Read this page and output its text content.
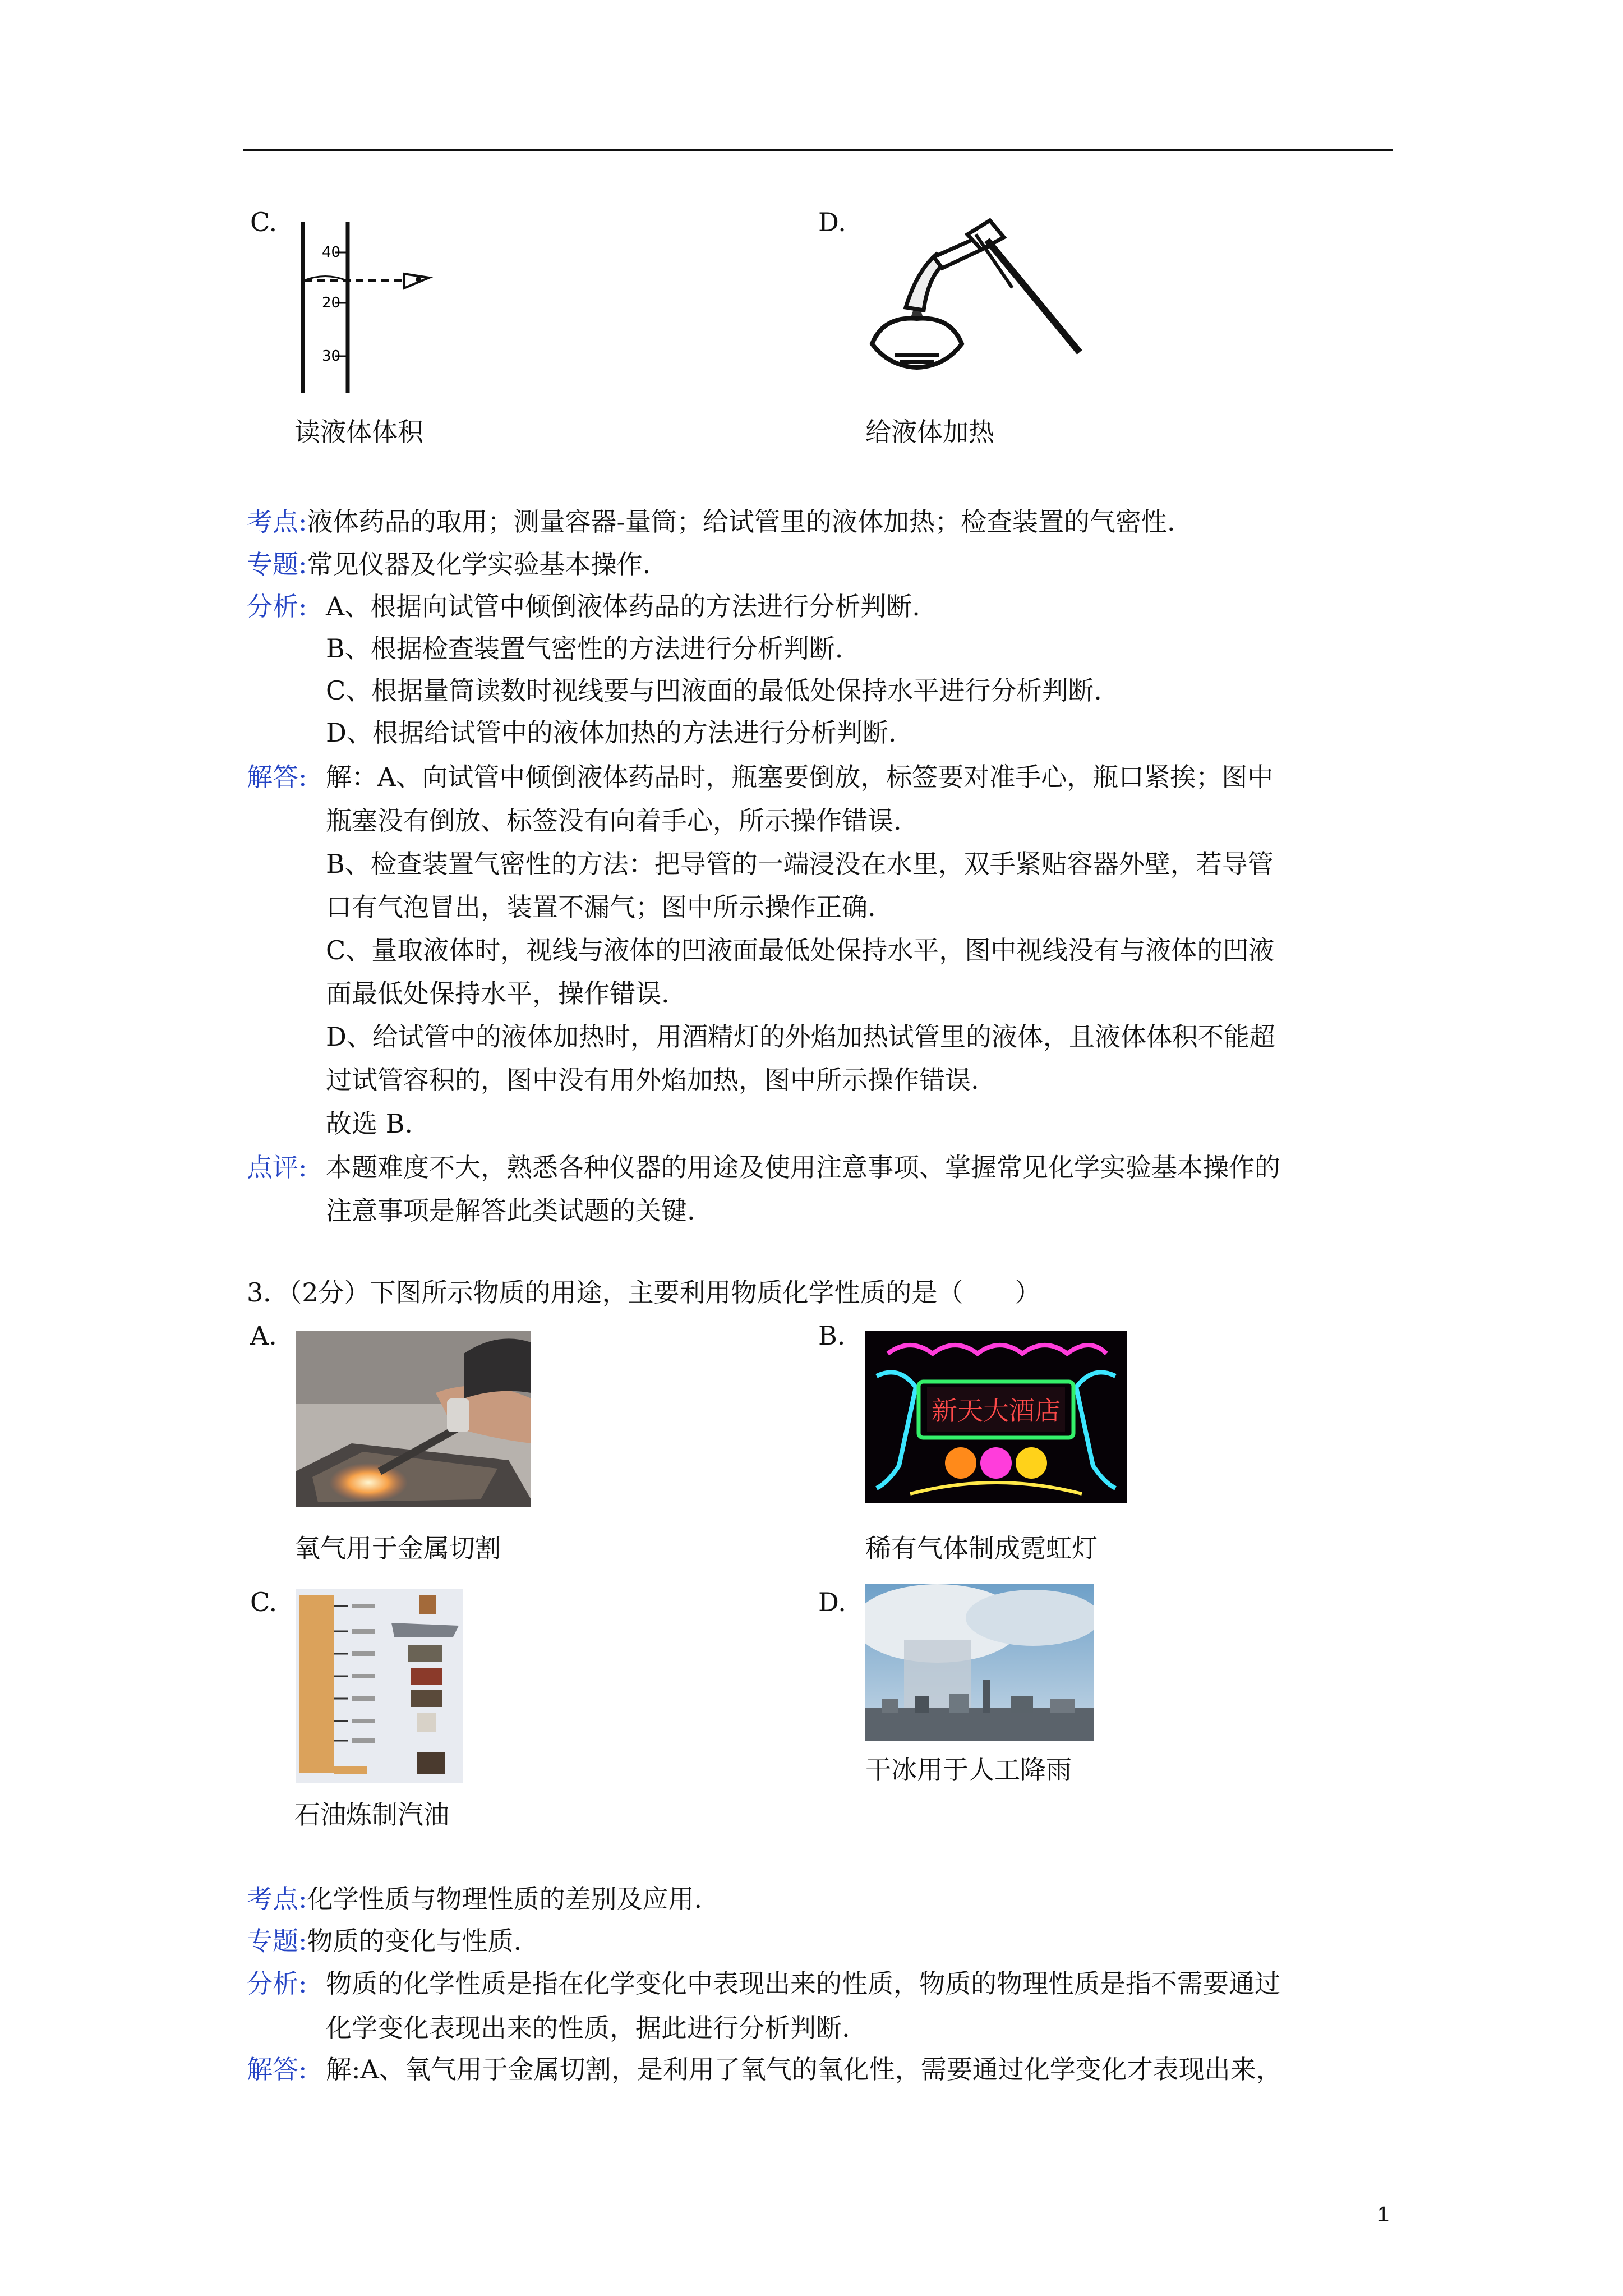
C.
40
20
30
读液体体积
D.
给液体加热
考点:液体药品的取用；测量容器-量筒；给试管里的液体加热；检查装置的气密性.
专题:常见仪器及化学实验基本操作.
分析: A、根据向试管中倾倒液体药品的方法进行分析判断.
B、根据检查装置气密性的方法进行分析判断.
C、根据量筒读数时视线要与凹液面的最低处保持水平进行分析判断.
D、根据给试管中的液体加热的方法进行分析判断.
解答: 解：A、向试管中倾倒液体药品时，瓶塞要倒放，标签要对准手心，瓶口紧挨；图中
瓶塞没有倒放、标签没有向着手心，所示操作错误.
B、检查装置气密性的方法：把导管的一端浸没在水里，双手紧贴容器外壁，若导管
口有气泡冒出，装置不漏气；图中所示操作正确.
C、量取液体时，视线与液体的凹液面最低处保持水平，图中视线没有与液体的凹液
面最低处保持水平，操作错误.
D、给试管中的液体加热时，用酒精灯的外焰加热试管里的液体，且液体体积不能超
过试管容积的，图中没有用外焰加热，图中所示操作错误.
故选 B.
点评: 本题难度不大，熟悉各种仪器的用途及使用注意事项、掌握常见化学实验基本操作的
注意事项是解答此类试题的关键.
3．（2分）下图所示物质的用途，主要利用物质化学性质的是（　　）
A.
氧气用于金属切割
B.
新天大酒店
稀有气体制成霓虹灯
C.
石油炼制汽油
D.
干冰用于人工降雨
考点:化学性质与物理性质的差别及应用.
专题:物质的变化与性质.
分析: 物质的化学性质是指在化学变化中表现出来的性质，物质的物理性质是指不需要通过
化学变化表现出来的性质，据此进行分析判断.
解答: 解:A、氧气用于金属切割，是利用了氧气的氧化性，需要通过化学变化才表现出来，
1
